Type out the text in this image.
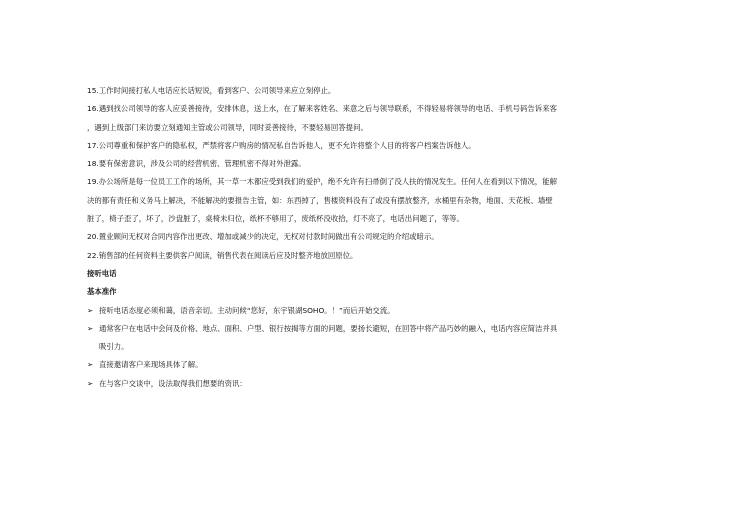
15.工作时间接打私人电话应长话短说，看到客户、公司领导来应立刻停止。
16.遇到找公司领导的客人应妥善接待，安排休息，送上水，在了解来客姓名、来意之后与领导联系，不得轻易将领导的电话、手机号码告诉来客
，遇到上级部门来访要立刻通知主管或公司领导，同时妥善接待，不要轻易回答提问。
17.公司尊重和保护客户的隐私权，严禁将客户购房的情况私自告诉他人，更不允许将整个人目的将客户档案告诉他人。
18.要有保密意识，涉及公司的经营机密、管理机密不得对外泄露。
19.办公场所是每一位员工工作的场所，其一草一木都应受到我们的爱护，绝不允许有扫帚倒了没人扶的情况发生。任何人在看到以下情况，能解
决的都有责任和义务马上解决，不能解决的要报告主管，如：东西掉了，售楼资料没有了或没有摆放整齐，水桶里有杂物，地面、天花板、墙壁
脏了，椅子歪了，坏了，沙盘脏了，桌椅未归位，纸杯不够用了，废纸杯没收拾，灯不亮了，电话出问题了，等等。
20.置业顾问无权对合同内容作出更改、增加或减少的决定，无权对付款时间做出有公司规定的介绍或暗示。
22.销售部的任何资料主要供客户阅读，销售代表在阅读后应及时整齐地放回原位。
接听电话
基本准作
➢ 接听电话态度必须和蔼，语音亲切。主动问候“您好，东宇银湖SOHO。！”而后开始交流。
➢ 通常客户在电话中会问及价格、地点、面积、户型、银行按揭等方面的问题，要扬长避短，在回答中将产品巧妙的融入，电话内容应简洁并具
吸引力。
➢ 直接邀请客户来现场具体了解。
➢ 在与客户交谈中，设法取得我们想要的资讯：
